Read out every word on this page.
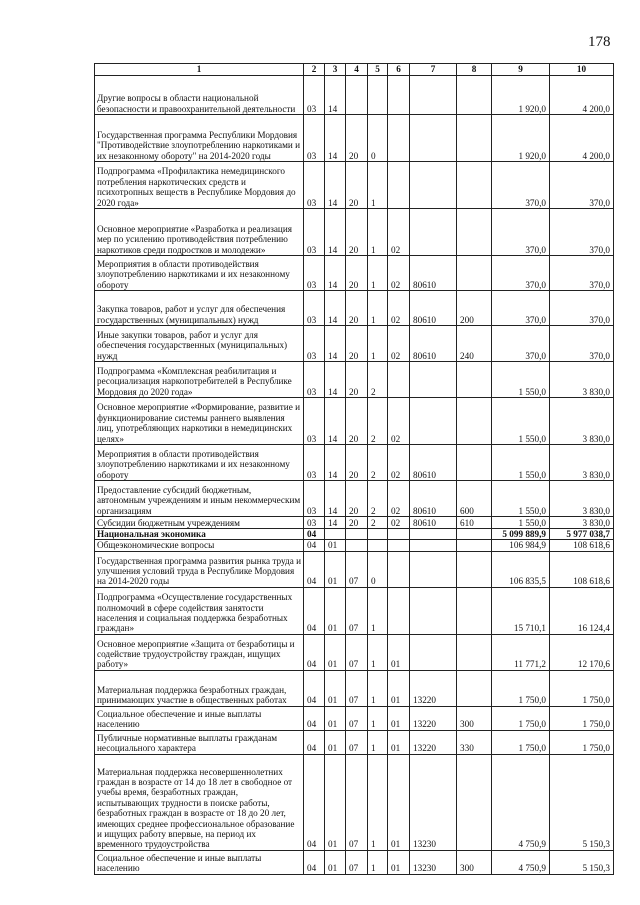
178
1	2	3	4	5	6	7	8	9	10
Другие вопросы в области национальной безопасности и правоохранительной деятельности	03	14						1 920,0	4 200,0
Государственная программа Республики Мордовия "Противодействие злоупотреблению наркотиками и их незаконному обороту" на 2014-2020 годы	03	14	20	0				1 920,0	4 200,0
Подпрограмма «Профилактика немедицинского потребления наркотических средств и психотропных веществ в Республике Мордовия до 2020 года»	03	14	20	1				370,0	370,0
Основное мероприятие «Разработка и реализация мер по усилению противодействия потреблению наркотиков среди подростков и молодежи»	03	14	20	1	02			370,0	370,0
Мероприятия в области противодействия злоупотреблению наркотиками и их незаконному обороту	03	14	20	1	02	80610		370,0	370,0
Закупка товаров, работ и услуг для обеспечения государственных (муниципальных) нужд	03	14	20	1	02	80610	200	370,0	370,0
Иные закупки товаров, работ и услуг для обеспечения государственных (муниципальных) нужд	03	14	20	1	02	80610	240	370,0	370,0
Подпрограмма «Комплексная реабилитация и ресоциализация наркопотребителей в Республике Мордовия до 2020 года»	03	14	20	2				1 550,0	3 830,0
Основное мероприятие «Формирование, развитие и функционирование системы раннего выявления лиц, употребляющих наркотики в немедицинских целях»	03	14	20	2	02			1 550,0	3 830,0
Мероприятия в области противодействия злоупотреблению наркотиками и их незаконному обороту	03	14	20	2	02	80610		1 550,0	3 830,0
Предоставление субсидий бюджетным, автономным учреждениям и иным некоммерческим организациям	03	14	20	2	02	80610	600	1 550,0	3 830,0
Субсидии бюджетным учреждениям	03	14	20	2	02	80610	610	1 550,0	3 830,0
Национальная экономика	04							5 099 889,9	5 977 038,7
Общеэкономические вопросы	04	01						106 984,9	108 618,6
Государственная программа развития рынка труда и улучшения условий труда в Республике Мордовия на 2014-2020 годы	04	01	07	0				106 835,5	108 618,6
Подпрограмма «Осуществление государственных полномочий в сфере содействия занятости населения и социальная поддержка безработных граждан»	04	01	07	1				15 710,1	16 124,4
Основное мероприятие «Защита от безработицы и содействие трудоустройству граждан, ищущих работу»	04	01	07	1	01			11 771,2	12 170,6
Материальная поддержка безработных граждан, принимающих участие в общественных работах	04	01	07	1	01	13220		1 750,0	1 750,0
Социальное обеспечение и иные выплаты населению	04	01	07	1	01	13220	300	1 750,0	1 750,0
Публичные нормативные выплаты гражданам несоциального характера	04	01	07	1	01	13220	330	1 750,0	1 750,0
Материальная поддержка несовершеннолетних граждан в возрасте от 14 до 18 лет в свободное от учебы время, безработных граждан, испытывающих трудности в поиске работы, безработных граждан в возрасте от 18 до 20 лет, имеющих среднее профессиональное образование и ищущих работу впервые, на период их временного трудоустройства	04	01	07	1	01	13230		4 750,9	5 150,3
Социальное обеспечение и иные выплаты населению	04	01	07	1	01	13230	300	4 750,9	5 150,3
